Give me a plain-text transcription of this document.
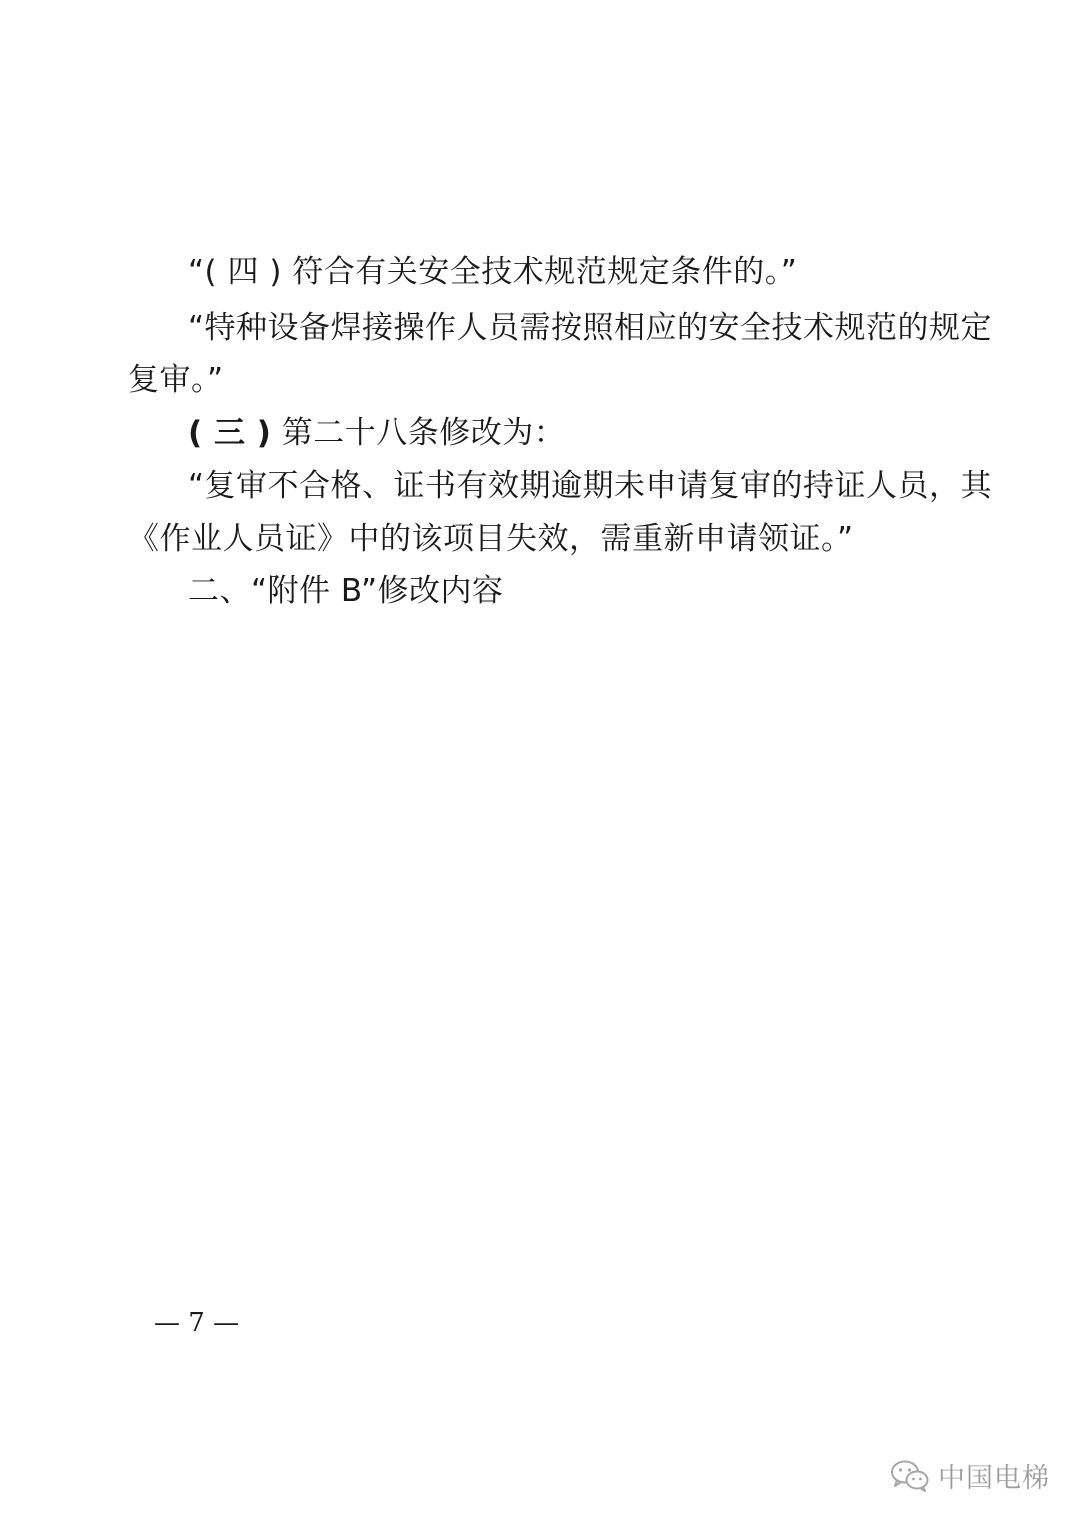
“( 四 ) 符合有关安全技术规范规定条件的。”
“特种设备焊接操作人员需按照相应的安全技术规范的规定
复审。”
( 三 ) 第二十八条修改为：
“复审不合格、证书有效期逾期未申请复审的持证人员，其
《作业人员证》中的该项目失效，需重新申请领证。”
二、“附件 B”修改内容
— 7 —
中国电梯
